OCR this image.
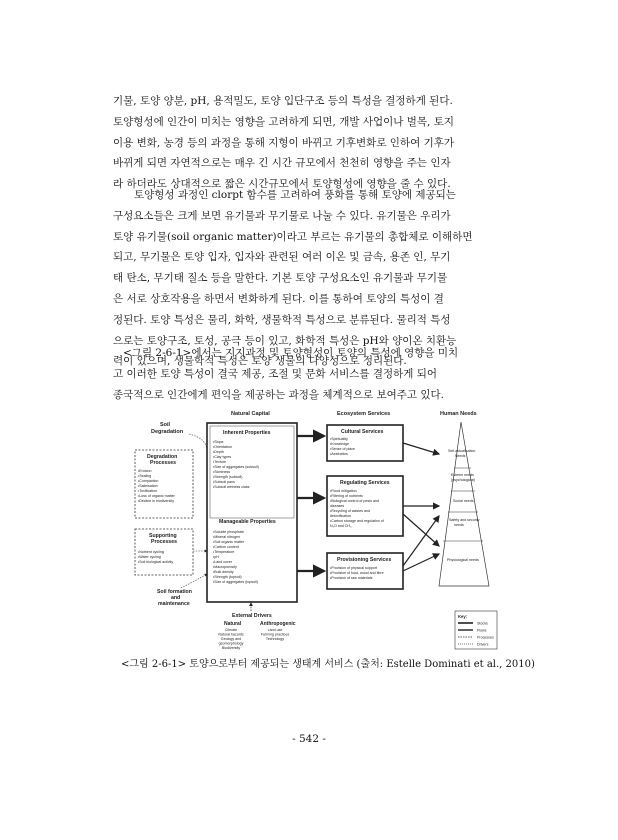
기물, 토양 양분, pH, 용적밀도, 토양 입단구조 등의 특성을 결정하게 된다.
토양형성에 인간이 미치는 영향을 고려하게 되면, 개발 사업이나 벌목, 토지
이용 변화, 농경 등의 과정을 통해 지형이 바뀌고 기후변화로 인하여 기후가
바뀌게 되면 자연적으로는 매우 긴 시간 규모에서 천천히 영향을 주는 인자
라 하더라도 상대적으로 짧은 시간규모에서 토양형성에 영향을 줄 수 있다.
토양형성 과정인 clorpt 함수를 고려하여 풍화를 통해 토양에 제공되는
구성요소들은 크게 보면 유기물과 무기물로 나눌 수 있다. 유기물은 우리가
토양 유기물(soil organic matter)이라고 부르는 유기물의 총합체로 이해하면
되고, 무기물은 토양 입자, 입자와 관련된 여러 이온 및 금속, 용존 인, 무기
태 탄소, 무기태 질소 등을 말한다. 기본 토양 구성요소인 유기물과 무기물
은 서로 상호작용을 하면서 변화하게 된다. 이를 통하여 토양의 특성이 결
정된다. 토양 특성은 물리, 화학, 생물학적 특성으로 분류된다. 물리적 특성
으로는 토양구조, 토성, 공극 등이 있고, 화학적 특성은 pH와 양이온 치환능
력이 있으며, 생물학적 특성은 토양 생물의 다양성으로 정리된다.
<그림 2-6-1>에서는 지지과정 및 토양형성이 토양의 특성에 영향을 미치
고 이러한 토양 특성이 결국 제공, 조절 및 문화 서비스를 결정하게 되어
종국적으로 인간에게 편익을 제공하는 과정을 체계적으로 보여주고 있다.
Natural Capital	Ecosystem Services	Human Needs
Soil
Degradation
Degradation
Processes
•Erosion
•Sealing
•Compaction
•Salinisation
•Toxification
•Loss of organic matter
•Decline in biodiversity
Supporting
Processes
•Nutrient cycling
•Water cycling
•Soil biological activity
Soil formation
and
maintenance
Inherent Properties
•Slope
•Orientation
•Depth
•Clay types
•Texture
•Size of aggregates (subsoil)
•Stoniness
•Strength (subsoil)
•Subsoil pans
•Subsoil wetness class
Manageable Properties
•Soluble phosphate
•Mineral nitrogen
•Soil organic matter
•Carbon content
•Temperature
•pH
•Land cover
•Macroporosity
•Bulk density
•Strength (topsoil)
•Size of aggregates (topsoil)
Cultural Services
•Spirituality
•Knowledge
•Sense of place
•Aesthetics
Regulating Services
•Flood mitigation
•Filtering of nutrients
•Biological control of pests and
diseases
•Recycling of wastes and
detoxification
•Carbon storage and regulation of
N₂O and CH₄
Provisioning Services
•Provision of physical support
•Provision of food, wood and fibre
•Provision of raw materials
Self-actualisation
Needs
Esteem needs
(psychological)
Social needs
Safety and security
needs
Physiological needs
External Drivers
Natural	Anthropogenic
Climate
Natural hazards
Geology and
geomorphology
Biodiversity
Land use
Farming practices
Technology
Key:
Stocks
Flows
Processes
Drivers
<그림 2-6-1> 토양으로부터 제공되는 생태계 서비스 (출처: Estelle Dominati et al., 2010)
- 542 -
